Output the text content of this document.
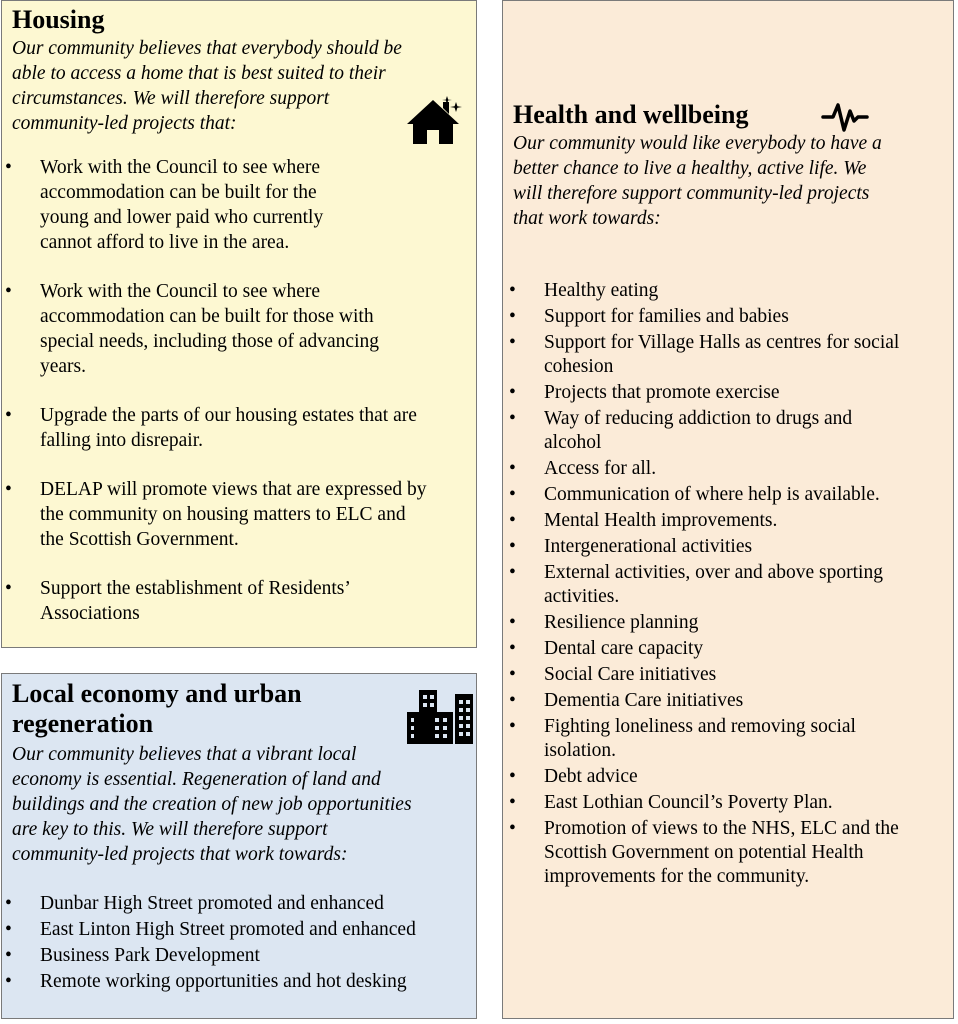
Housing

Our community believes that everybody should be
able to access a home that is best suited to their
circumstances. We will therefore support
community-led projects that:

• Work with the Council to see where
accommodation can be built for the
young and lower paid who currently
cannot afford to live in the area.
• Work with the Council to see where
accommodation can be built for those with
special needs, including those of advancing
years.
• Upgrade the parts of our housing estates that are
falling into disrepair.
• DELAP will promote views that are expressed by
the community on housing matters to ELC and
the Scottish Government.
• Support the establishment of Residents’
Associations
Local economy and urban
regeneration

Our community believes that a vibrant local
economy is essential. Regeneration of land and
buildings and the creation of new job opportunities
are key to this. We will therefore support
community-led projects that work towards:

• Dunbar High Street promoted and enhanced
• East Linton High Street promoted and enhanced
• Business Park Development
• Remote working opportunities and hot desking
Health and wellbeing

Our community would like everybody to have a
better chance to live a healthy, active life. We
will therefore support community-led projects
that work towards:

• Healthy eating
• Support for families and babies
• Support for Village Halls as centres for social
cohesion
• Projects that promote exercise
• Way of reducing addiction to drugs and
alcohol
• Access for all.
• Communication of where help is available.
• Mental Health improvements.
• Intergenerational activities
• External activities, over and above sporting
activities.
• Resilience planning
• Dental care capacity
• Social Care initiatives
• Dementia Care initiatives
• Fighting loneliness and removing social
isolation.
• Debt advice
• East Lothian Council’s Poverty Plan.
• Promotion of views to the NHS, ELC and the
Scottish Government on potential Health
improvements for the community.
